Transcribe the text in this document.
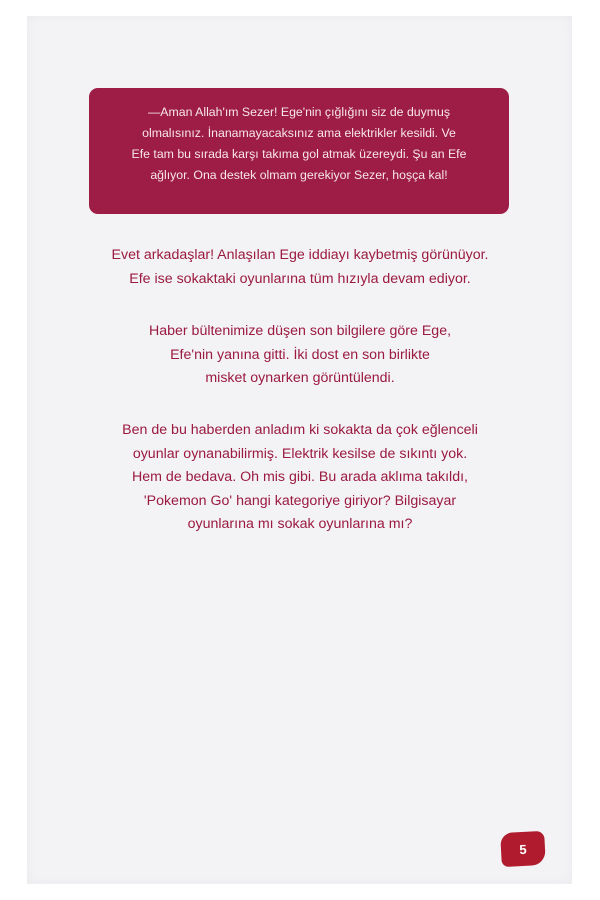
—Aman Allah'ım Sezer! Ege'nin çığlığını siz de duymuş
olmalısınız. İnanamayacaksınız ama elektrikler kesildi. Ve
Efe tam bu sırada karşı takıma gol atmak üzereydi. Şu an Efe
ağlıyor. Ona destek olmam gerekiyor Sezer, hoşça kal!
Evet arkadaşlar! Anlaşılan Ege iddiayı kaybetmiş görünüyor.
Efe ise sokaktaki oyunlarına tüm hızıyla devam ediyor.
Haber bültenimize düşen son bilgilere göre Ege,
Efe'nin yanına gitti. İki dost en son birlikte
misket oynarken görüntülendi.
Ben de bu haberden anladım ki sokakta da çok eğlenceli
oyunlar oynanabilirmiş. Elektrik kesilse de sıkıntı yok.
Hem de bedava. Oh mis gibi. Bu arada aklıma takıldı,
'Pokemon Go' hangi kategoriye giriyor? Bilgisayar
oyunlarına mı sokak oyunlarına mı?
5
